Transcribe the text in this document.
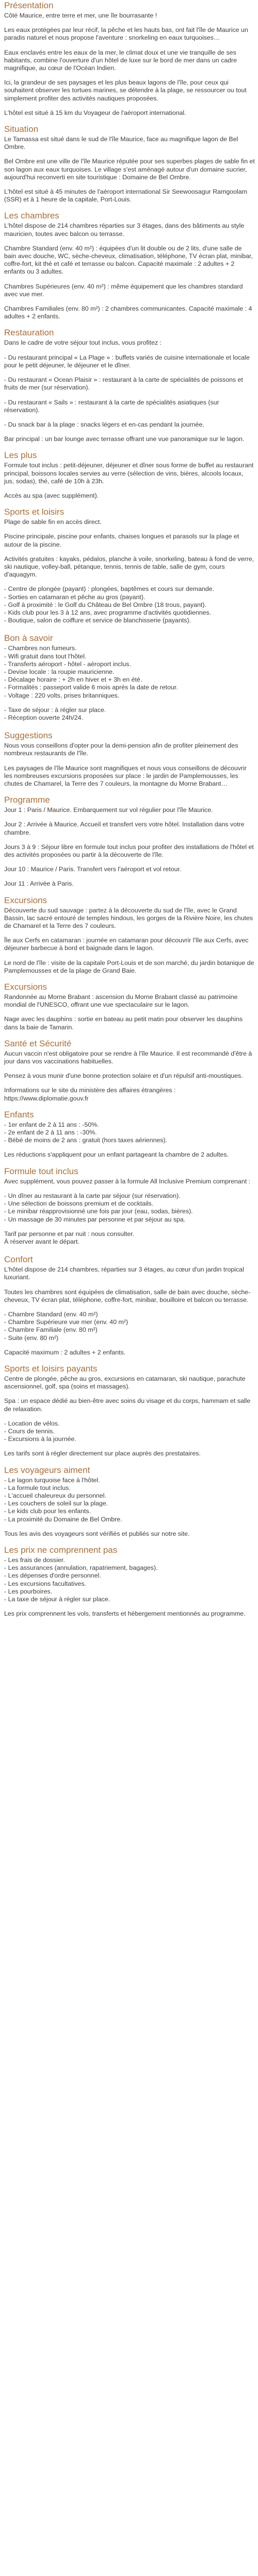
Présentation

Côté Maurice, entre terre et mer, une île bourrasante !

Les eaux protégées par leur récif, la pêche et les hauts bas, ont fait l'île de Maurice un paradis naturel et nous propose l'aventure : snorkeling en eaux turquoises…

Eaux enclavés entre les eaux de la mer, le climat doux et une vie tranquille de ses habitants, combine l'ouverture d'un hôtel de luxe sur le bord de mer dans un cadre magnifique, au cœur de l'Océan Indien.

Ici, la grandeur de ses paysages et les plus beaux lagons de l'île, pour ceux qui souhaitent observer les tortues marines, se détendre à la plage, se ressourcer ou tout simplement profiter des activités nautiques proposées.

L'hôtel est situé à 15 km du Voyageur de l'aéroport international.

Situation

Le Tamassa est situé dans le sud de l'île Maurice, face au magnifique lagon de Bel Ombre.

Bel Ombre est une ville de l'île Maurice réputée pour ses superbes plages de sable fin et son lagon aux eaux turquoises. Le village s'est aménagé autour d'un domaine sucrier, aujourd'hui reconverti en site touristique : Domaine de Bel Ombre.

L'hôtel est situé à 45 minutes de l'aéroport international Sir Seewoosagur Ramgoolam (SSR) et à 1 heure de la capitale, Port-Louis.

Les chambres

L'hôtel dispose de 214 chambres réparties sur 3 étages, dans des bâtiments au style mauricien, toutes avec balcon ou terrasse.

Chambre Standard (env. 40 m²) : équipées d'un lit double ou de 2 lits, d'une salle de bain avec douche, WC, sèche-cheveux, climatisation, téléphone, TV écran plat, minibar, coffre-fort, kit thé et café et terrasse ou balcon. Capacité maximale : 2 adultes + 2 enfants ou 3 adultes.

Chambres Supérieures (env. 40 m²) : même équipement que les chambres standard avec vue mer.

Chambres Familiales (env. 80 m²) : 2 chambres communicantes. Capacité maximale : 4 adultes + 2 enfants.

Restauration

Dans le cadre de votre séjour tout inclus, vous profitez :

- Du restaurant principal « La Plage » : buffets variés de cuisine internationale et locale pour le petit déjeuner, le déjeuner et le dîner.

- Du restaurant « Ocean Plaisir » : restaurant à la carte de spécialités de poissons et fruits de mer (sur réservation).

- Du restaurant « Sails » : restaurant à la carte de spécialités asiatiques (sur réservation).

- Du snack bar à la plage : snacks légers et en-cas pendant la journée.

Bar principal : un bar lounge avec terrasse offrant une vue panoramique sur le lagon.

Les plus

Formule tout inclus : petit-déjeuner, déjeuner et dîner sous forme de buffet au restaurant principal, boissons locales servies au verre (sélection de vins, bières, alcools locaux, jus, sodas), thé, café de 10h à 23h.

Accès au spa (avec supplément).

Sports et loisirs

Plage de sable fin en accès direct.

Piscine principale, piscine pour enfants, chaises longues et parasols sur la plage et autour de la piscine.

Activités gratuites : kayaks, pédalos, planche à voile, snorkeling, bateau à fond de verre, ski nautique, volley-ball, pétanque, tennis, tennis de table, salle de gym, cours d'aquagym.

- Centre de plongée (payant) : plongées, baptêmes et cours sur demande.
- Sorties en catamaran et pêche au gros (payant).
- Golf à proximité : le Golf du Château de Bel Ombre (18 trous, payant).
- Kids club pour les 3 à 12 ans, avec programme d'activités quotidiennes.
- Boutique, salon de coiffure et service de blanchisserie (payants).
Bon à savoir
- Chambres non fumeurs.
- Wifi gratuit dans tout l'hôtel.
- Transferts aéroport - hôtel - aéroport inclus.
- Devise locale : la roupie mauricienne.
- Décalage horaire : + 2h en hiver et + 3h en été.
- Formalités : passeport valide 6 mois après la date de retour.
- Voltage : 220 volts, prises britanniques.
- Taxe de séjour : à régler sur place.
- Réception ouverte 24h/24.
Suggestions

Nous vous conseillons d'opter pour la demi-pension afin de profiter pleinement des nombreux restaurants de l'île.

Les paysages de l'île Maurice sont magnifiques et nous vous conseillons de découvrir les nombreuses excursions proposées sur place : le jardin de Pamplemousses, les chutes de Chamarel, la Terre des 7 couleurs, la montagne du Morne Brabant…

Programme

Jour 1 : Paris / Maurice. Embarquement sur vol régulier pour l'île Maurice.

Jour 2 : Arrivée à Maurice. Accueil et transfert vers votre hôtel. Installation dans votre chambre.

Jours 3 à 9 : Séjour libre en formule tout inclus pour profiter des installations de l'hôtel et des activités proposées ou partir à la découverte de l'île.

Jour 10 : Maurice / Paris. Transfert vers l'aéroport et vol retour.

Jour 11 : Arrivée à Paris.

Excursions

Découverte du sud sauvage : partez à la découverte du sud de l'île, avec le Grand Bassin, lac sacré entouré de temples hindous, les gorges de la Rivière Noire, les chutes de Chamarel et la Terre des 7 couleurs.

Île aux Cerfs en catamaran : journée en catamaran pour découvrir l'île aux Cerfs, avec déjeuner barbecue à bord et baignade dans le lagon.

Le nord de l'île : visite de la capitale Port-Louis et de son marché, du jardin botanique de Pamplemousses et de la plage de Grand Baie.

Excursions

Randonnée au Morne Brabant : ascension du Morne Brabant classé au patrimoine mondial de l'UNESCO, offrant une vue spectaculaire sur le lagon.

Nage avec les dauphins : sortie en bateau au petit matin pour observer les dauphins dans la baie de Tamarin.

Santé et Sécurité

Aucun vaccin n'est obligatoire pour se rendre à l'île Maurice. Il est recommandé d'être à jour dans vos vaccinations habituelles.

Pensez à vous munir d'une bonne protection solaire et d'un répulsif anti-moustiques.

Informations sur le site du ministère des affaires étrangères : https://www.diplomatie.gouv.fr

Enfants
- 1er enfant de 2 à 11 ans : -50%.
- 2e enfant de 2 à 11 ans : -30%.
- Bébé de moins de 2 ans : gratuit (hors taxes aériennes).

Les réductions s'appliquent pour un enfant partageant la chambre de 2 adultes.

Formule tout inclus

Avec supplément, vous pouvez passer à la formule All Inclusive Premium comprenant :

- Un dîner au restaurant à la carte par séjour (sur réservation).
- Une sélection de boissons premium et de cocktails.
- Le minibar réapprovisionné une fois par jour (eau, sodas, bières).
- Un massage de 30 minutes par personne et par séjour au spa.
Tarif par personne et par nuit : nous consulter.
À réserver avant le départ.
Confort

L'hôtel dispose de 214 chambres, réparties sur 3 étages, au cœur d'un jardin tropical luxuriant.

Toutes les chambres sont équipées de climatisation, salle de bain avec douche, sèche-cheveux, TV écran plat, téléphone, coffre-fort, minibar, bouilloire et balcon ou terrasse.

- Chambre Standard (env. 40 m²)
- Chambre Supérieure vue mer (env. 40 m²)
- Chambre Familiale (env. 80 m²)
- Suite (env. 80 m²)

Capacité maximum : 2 adultes + 2 enfants.

Sports et loisirs payants

Centre de plongée, pêche au gros, excursions en catamaran, ski nautique, parachute ascensionnel, golf, spa (soins et massages).

Spa : un espace dédié au bien-être avec soins du visage et du corps, hammam et salle de relaxation.

- Location de vélos.
- Cours de tennis.
- Excursions à la journée.

Les tarifs sont à régler directement sur place auprès des prestataires.

Les voyageurs aiment
- Le lagon turquoise face à l'hôtel.
- La formule tout inclus.
- L'accueil chaleureux du personnel.
- Les couchers de soleil sur la plage.
- Le kids club pour les enfants.
- La proximité du Domaine de Bel Ombre.

Tous les avis des voyageurs sont vérifiés et publiés sur notre site.

Les prix ne comprennent pas
- Les frais de dossier.
- Les assurances (annulation, rapatriement, bagages).
- Les dépenses d'ordre personnel.
- Les excursions facultatives.
- Les pourboires.
- La taxe de séjour à régler sur place.

Les prix comprennent les vols, transferts et hébergement mentionnés au programme.
